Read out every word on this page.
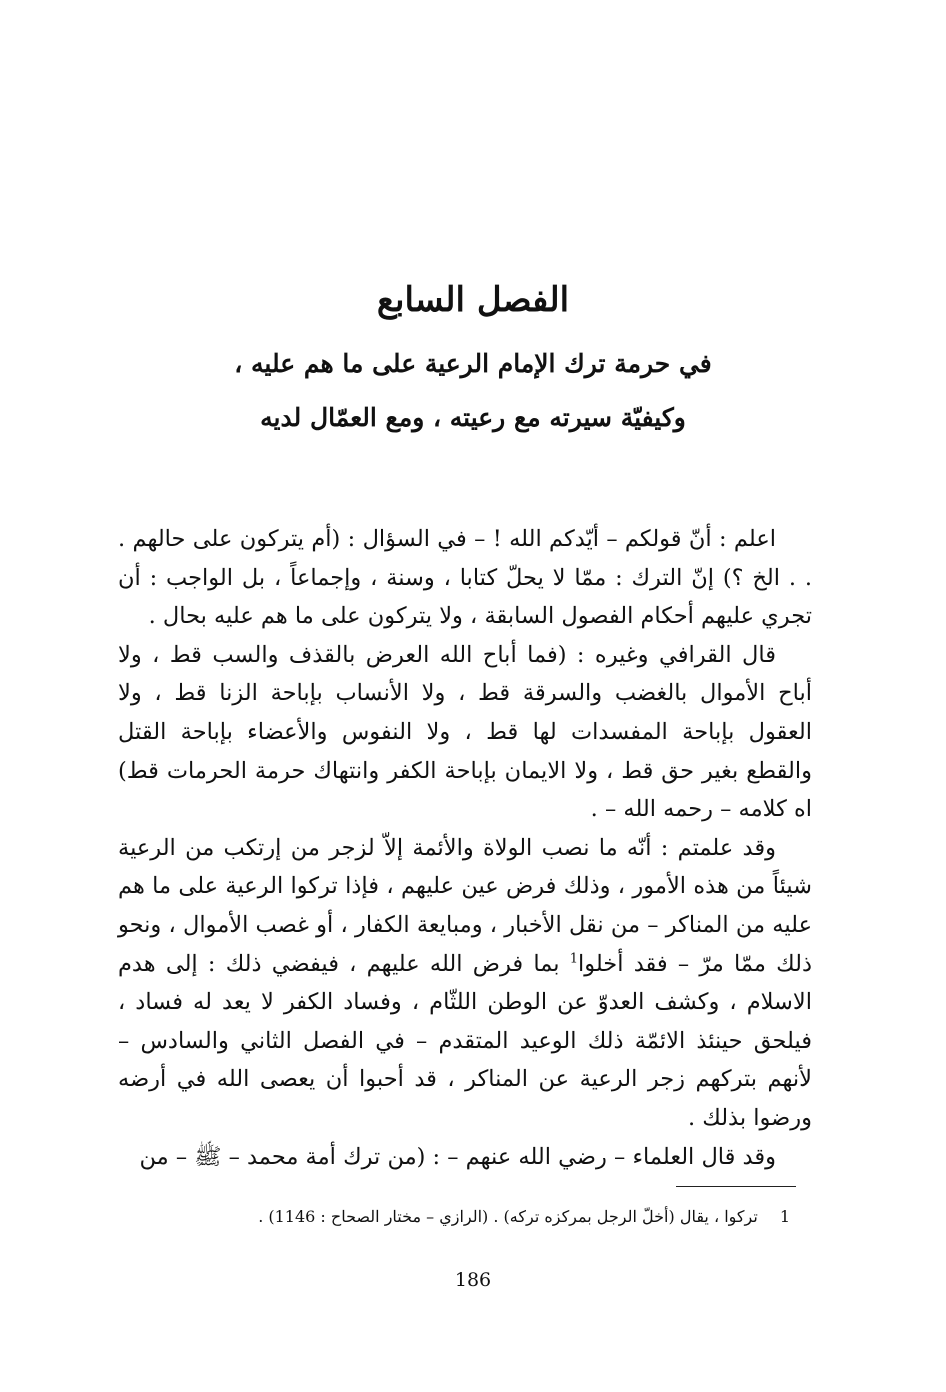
الفصل السابع
في حرمة ترك الإمام الرعية على ما هم عليه ،
وكيفيّة سيرته مع رعيته ، ومع العمّال لديه

اعلم : أنّ قولكم – أيّدكم الله ! – في السؤال : (أم يتركون على حالهم . . . الخ ؟) إنّ الترك : ممّا لا يحلّ كتابا ، وسنة ، وإجماعاً ، بل الواجب : أن تجري عليهم أحكام الفصول السابقة ، ولا يتركون على ما هم عليه بحال .

قال القرافي وغيره : (فما أباح الله العرض بالقذف والسب قط ، ولا أباح الأموال بالغضب والسرقة قط ، ولا الأنساب بإباحة الزنا قط ، ولا العقول بإباحة المفسدات لها قط ، ولا النفوس والأعضاء بإباحة القتل والقطع بغير حق قط ، ولا الايمان بإباحة الكفر وانتهاك حرمة الحرمات قط) اه كلامه – رحمه الله – .

وقد علمتم : أنّه ما نصب الولاة والأئمة إلاّ لزجر من إرتكب من الرعية شيئاً من هذه الأمور ، وذلك فرض عين عليهم ، فإذا تركوا الرعية على ما هم عليه من المناكر – من نقل الأخبار ، ومبايعة الكفار ، أو غصب الأموال ، ونحو ذلك ممّا مرّ – فقد أخلوا$^1$ بما فرض الله عليهم ، فيفضي ذلك : إلى هدم الاسلام ، وكشف العدوّ عن الوطن اللثّام ، وفساد الكفر لا يعد له فساد ، فيلحق حينئذ الائمّة ذلك الوعيد المتقدم – في الفصل الثاني والسادس – لأنهم بتركهم زجر الرعية عن المناكر ، قد أحبوا أن يعصى الله في أرضه ورضوا بذلك .

وقد قال العلماء – رضي الله عنهم – : (من ترك أمة محمد – ﷺ – من

1تركوا ، يقال (أخلّ الرجل بمركزه تركه) . (الرازي – مختار الصحاح : 1146) .
186
